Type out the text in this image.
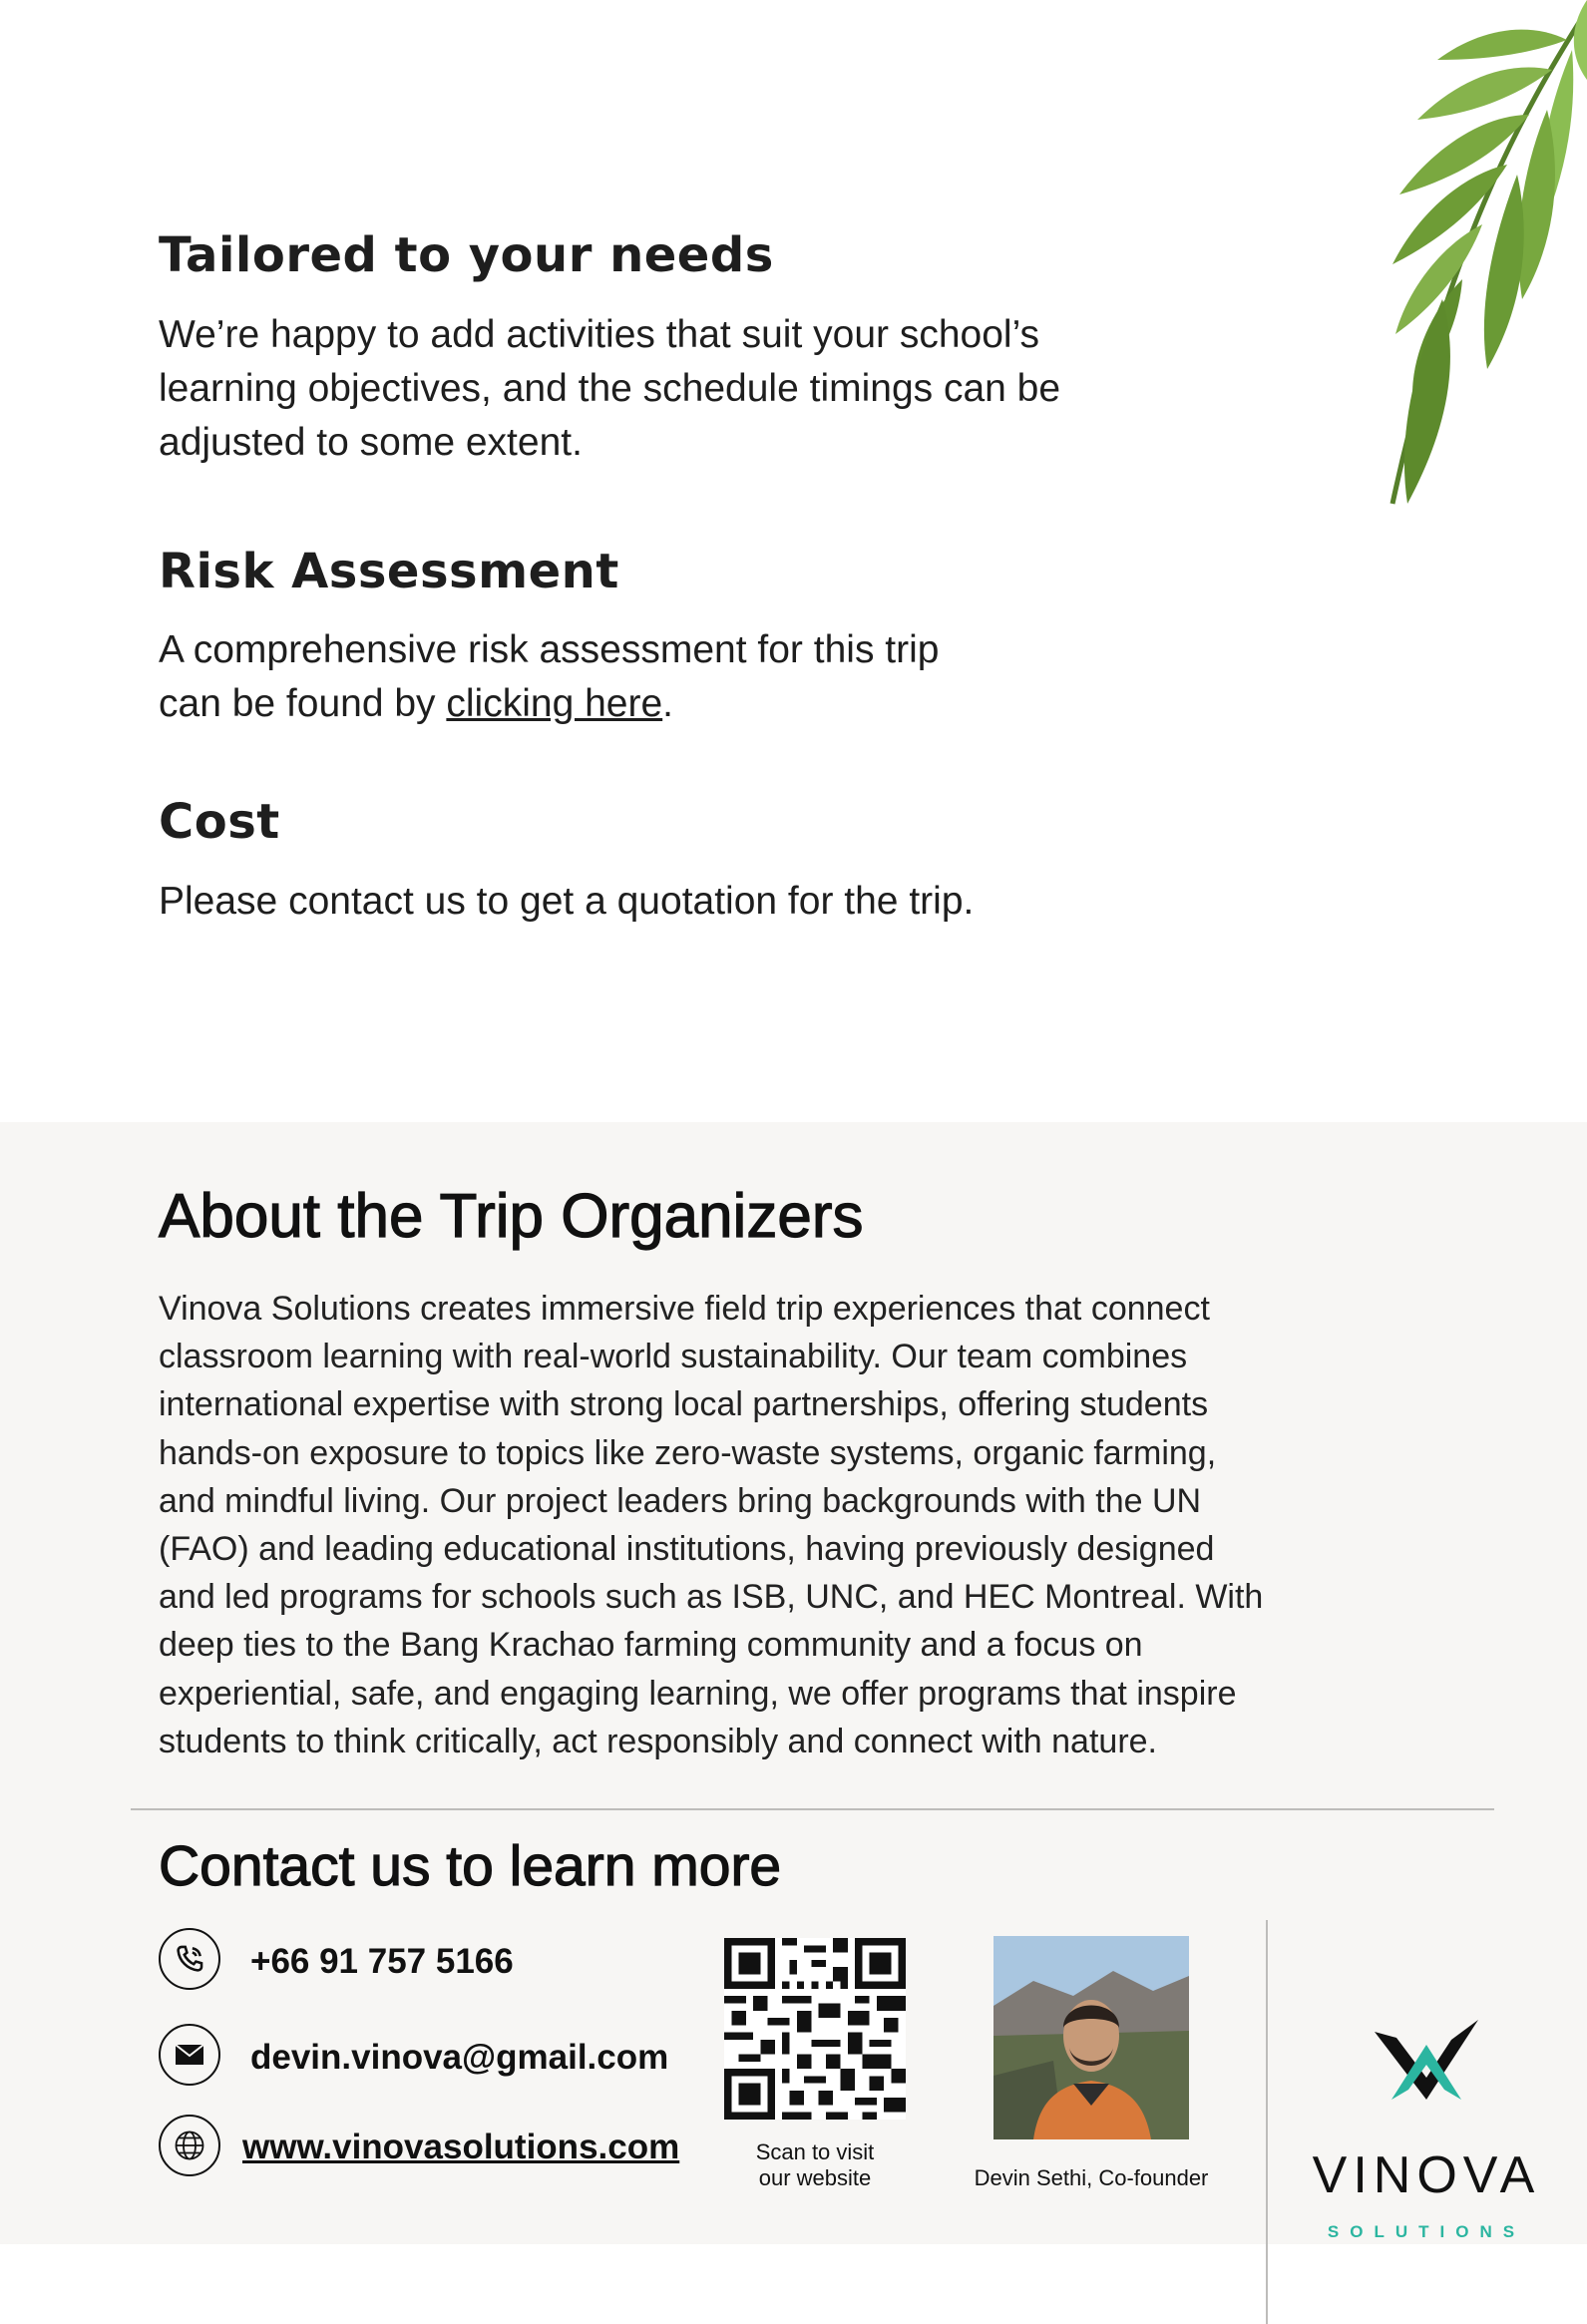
Tailored to your needs

We’re happy to add activities that suit your school’s

learning objectives, and the schedule timings can be

adjusted to some extent.

Risk Assessment

A comprehensive risk assessment for this trip

can be found by clicking here.

Cost

Please contact us to get a quotation for the trip.

About the Trip Organizers
Vinova Solutions creates immersive field trip experiences that connect
classroom learning with real-world sustainability. Our team combines
international expertise with strong local partnerships, offering students
hands-on exposure to topics like zero-waste systems, organic farming,
and mindful living. Our project leaders bring backgrounds with the UN
(FAO) and leading educational institutions, having previously designed
and led programs for schools such as ISB, UNC, and HEC Montreal. With
deep ties to the Bang Krachao farming community and a focus on
experiential, safe, and engaging learning, we offer programs that inspire
students to think critically, act responsibly and connect with nature.
Contact us to learn more

+66 91 757 5166

devin.vinova@gmail.com

www.vinovasolutions.com	Scan to visit

our website	Devin Sethi, Co-founder	VINOVA
SOLUTIONS
